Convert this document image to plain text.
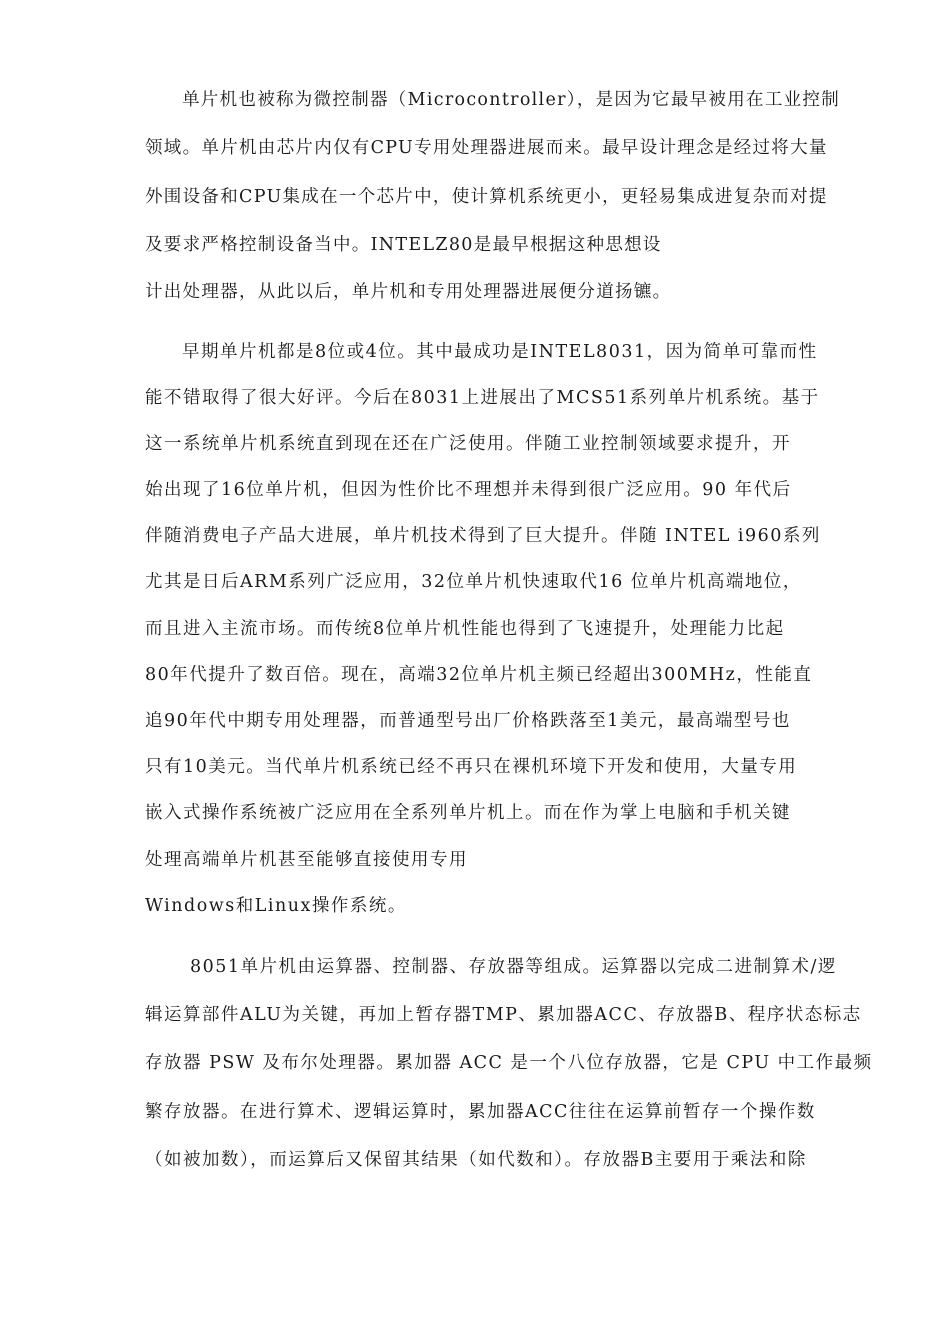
单片机也被称为微控制器（Microcontroller），是因为它最早被用在工业控制

领域。单片机由芯片内仅有CPU专用处理器进展而来。最早设计理念是经过将大量

外围设备和CPU集成在一个芯片中，使计算机系统更小，更轻易集成进复杂而对提

及要求严格控制设备当中。INTELZ80是最早根据这种思想设

计出处理器，从此以后，单片机和专用处理器进展便分道扬镳。

早期单片机都是8位或4位。其中最成功是INTEL8031，因为简单可靠而性

能不错取得了很大好评。今后在8031上进展出了MCS51系列单片机系统。基于

这一系统单片机系统直到现在还在广泛使用。伴随工业控制领域要求提升，开

始出现了16位单片机，但因为性价比不理想并未得到很广泛应用。90 年代后

伴随消费电子产品大进展，单片机技术得到了巨大提升。伴随 INTEL i960系列

尤其是日后ARM系列广泛应用，32位单片机快速取代16 位单片机高端地位，

而且进入主流市场。而传统8位单片机性能也得到了飞速提升，处理能力比起

80年代提升了数百倍。现在，高端32位单片机主频已经超出300MHz，性能直

追90年代中期专用处理器，而普通型号出厂价格跌落至1美元，最高端型号也

只有10美元。当代单片机系统已经不再只在裸机环境下开发和使用，大量专用

嵌入式操作系统被广泛应用在全系列单片机上。而在作为掌上电脑和手机关键

处理高端单片机甚至能够直接使用专用

Windows和Linux操作系统。

8051单片机由运算器、控制器、存放器等组成。运算器以完成二进制算术/逻

辑运算部件ALU为关键，再加上暂存器TMP、累加器ACC、存放器B、程序状态标志

存放器 PSW 及布尔处理器。累加器 ACC 是一个八位存放器，它是 CPU 中工作最频

繁存放器。在进行算术、逻辑运算时，累加器ACC往往在运算前暂存一个操作数

（如被加数），而运算后又保留其结果（如代数和）。存放器B主要用于乘法和除
